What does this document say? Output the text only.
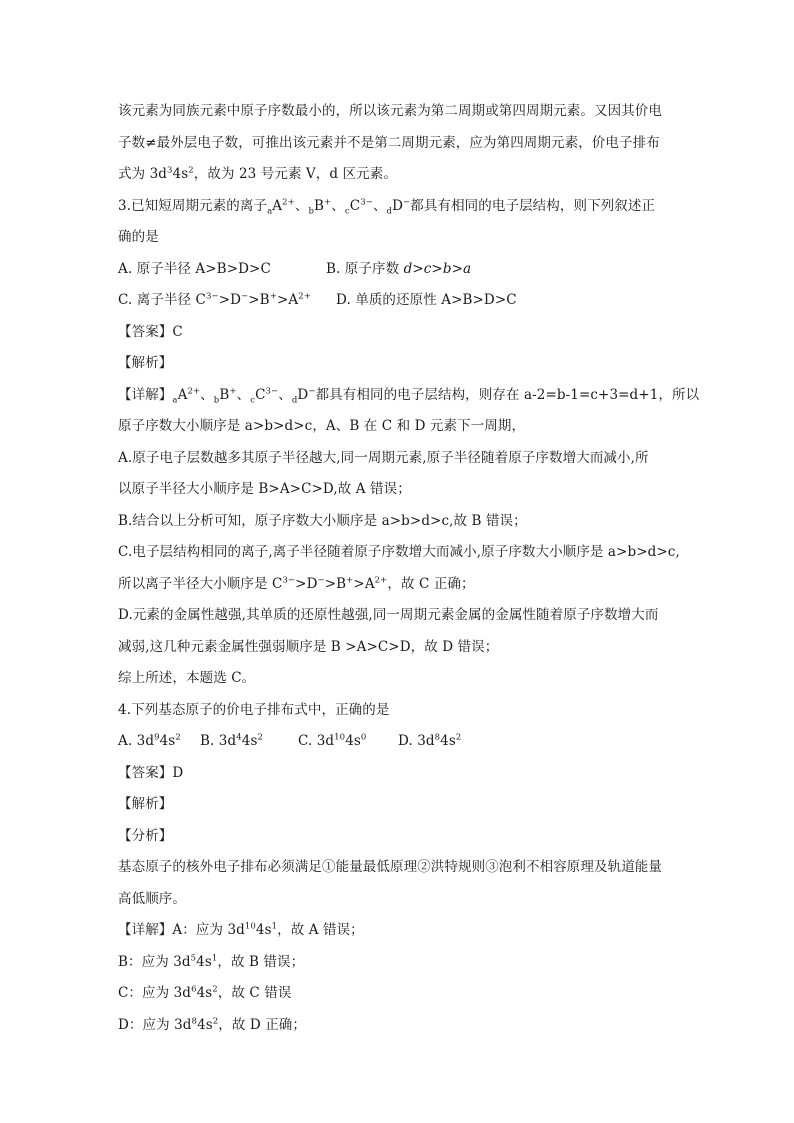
该元素为同族元素中原子序数最小的，所以该元素为第二周期或第四周期元素。又因其价电
子数≠最外层电子数，可推出该元素并不是第二周期元素，应为第四周期元素，价电子排布
式为 $3d^34s^2$，故为 23 号元素 V，d 区元素。
3.已知短周期元素的离子$_aA^{2+}$、$_b$B+、$_cC^{3-}$、$_d$D−都具有相同的电子层结构，则下列叙述正
确的是
A. 原子半径 A>B>D>C	B. 原子序数 d>c>b>a
C. 离子半径 $C^{3-}>D^->B^+>A^{2+}$ D. 单质的还原性 A>B>D>C
【答案】C
【解析】
【详解】$_aA^{2+}$、$_b$B+、$_cC^{3-}$、$_d$D−都具有相同的电子层结构，则存在 a-2=b-1=c+3=d+1，所以
原子序数大小顺序是 a>b>d>c，A、B 在 C 和 D 元素下一周期，
A.原子电子层数越多其原子半径越大,同一周期元素,原子半径随着原子序数增大而减小,所
以原子半径大小顺序是 B>A>C>D,故 A 错误；
B.结合以上分析可知，原子序数大小顺序是 a>b>d>c,故 B 错误；
C.电子层结构相同的离子,离子半径随着原子序数增大而减小,原子序数大小顺序是 a>b>d>c,
所以离子半径大小顺序是 $C^{3-}>D^->B^+>A^{2+}$，故 C 正确；
D.元素的金属性越强,其单质的还原性越强,同一周期元素金属的金属性随着原子序数增大而
减弱,这几种元素金属性强弱顺序是 B >A>C>D，故 D 错误；
综上所述，本题选 C。
4.下列基态原子的价电子排布式中，正确的是
A. $3d^94s^2$ B. $3d^44s^2$	C. $3d^{10}4s^0$ D. $3d^84s^2$
【答案】D
【解析】
【分析】
基态原子的核外电子排布必须满足①能量最低原理②洪特规则③泡利不相容原理及轨道能量
高低顺序。
【详解】A：应为 $3d^{10}4s^1$，故 A 错误；
B：应为 $3d^54s^1$，故 B 错误；
C：应为 $3d^64s^2$，故 C 错误
D：应为 $3d^84s^2$，故 D 正确；
